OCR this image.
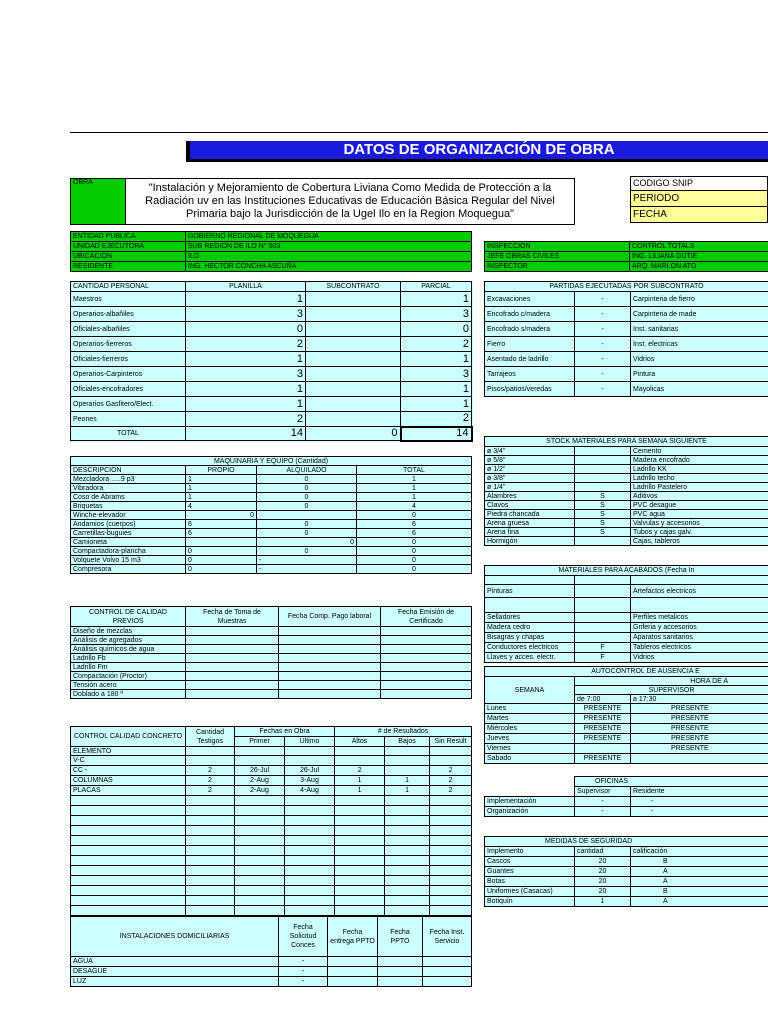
DATOS DE ORGANIZACIÓN DE OBRA
OBRA	"Instalación y Mejoramiento de Cobertura Liviana Como Medida de Protección a la Radiación uv en las Instituciones Educativas de Educación Básica Regular del Nivel Primaria bajo la Jurisdicción de la Ugel Ilo en la Region Moquegua"
CODIGO SNIP
PERIODO
FECHA
ENTIDAD PUBLICA	GOBIERNO REGIONAL DE MOQUEGUA
UNIDAD EJECUTORA	SUB REGION DE ILO N° 003
UBICACIÓN	ILO
RESIDENTE	ING. HECTOR CONCHA ASCUÑA
INSPECCION	CONTROL TOTALS
JEFE OBRAS CIVILES	ING. LILIANA GUTIE
INSPECTOR	ARQ. MARLON ATO
CANTIDAD PERSONAL	PLANILLA	SUBCONTRATO	PARCIAL
Maestros	1		1
Operarios-albañiles	3		3
Oficiales-albañiles	0		0
Operarios-fierreros	2		2
Oficiales-fierreros	1		1
Operarios-Carpinteros	3		3
Oficiales-encofradores	1		1
Operarios Gasfitero/Elect.	1		1
Peones	2		2
TOTAL	14	0	14
PARTIDAS EJECUTADAS POR SUBCONTRATO		
Excavaciones	-	Carpinteria de fierro
Encofrado c/madera	-	Carpinteria de made
Encofrado s/madera	-	Inst. sanitarias
Fierro	-	Inst. electricas
Asentado de ladrillo	-	Vidrios
Tarrajeos	-	Pintura
Pisos/patios/veredas	-	Mayolicas
MAQUINARIA Y EQUIPO (Cantidad)			
DESCRIPCION	PROPIO	ALQUILADO	TOTAL
Mezcladora .....9 p3	1	0	1
Vibradora	1	0	1
Coso de Abrams	1	0	1
Briquetas	4	0	4
Winche-elevador	0		0
Andamios (cuerpos)	6	0	6
Carretillas-buguies	6	0	6
Camioneta		0	0
Compactadora-plancha	0	0	0
Volquete Volvo 15 m3	0	-	0
Compresora	0	-	0
STOCK MATERIALES PARA SEMANA SIGUIENTE		
ø 3/4"		Cemento
ø 5/8"		Madera encofrado
ø 1/2"		Ladrillo KK
ø 3/8"		Ladrillo techo
ø 1/4"		Ladrillo Pastelero
Alambres	S	Aditivos
Clavos	S	PVC desague
Piedra chancada	S	PVC agua
Arena gruesa	S	Valvulas y accesorios
Arena fina	S	Tubos y cajas galv.
Hormigón		Cajas, tableros
MATERIALES PARA ACABADOS (Fecha In		

Pinturas		Artefactos electricos

Selladores		Perfiles metalicos
Madera cedro		Griferia y accesorios
Bisagras y chapas		Aparatos sanitarios
Conductores electricos	F	Tableros electricos
Llaves y acces. electr.	F	Vidrios
CONTROL DE CALIDAD PREVIOS	Fecha de Toma de Muestras	Fecha Comp. Pago laboral	Fecha Emisión de Certificado
Diseño de mezclas			
Análisis de agregados			
Análisis químicos de agua			
Ladrillo Fb			
Ladrillo Fm			
Compactación (Proctor)			
Tensión acero			
Doblado a 180 º			
AUTOCONTROL DE AUSENCIA E		
SEMANA	HORA DE A	
	SUPERVISOR	
	de 7:00	a 17:30
Lunes	PRESENTE	PRESENTE
Martes	PRESENTE	PRESENTE
Miércoles	PRESENTE	PRESENTE
Jueves	PRESENTE	PRESENTE
Viernes		PRESENTE
Sabado	PRESENTE	
CONTROL CALIDAD CONCRETO	Cantidad Testigos	Fechas en Obra		# de Resultados		
		Primer	Ultimo	Altos	Bajos	Sin Result
ELEMENTO						
V-C						
CC -	2	26-Jul	26-Jul	2		2
COLUMNAS	2	2-Aug	3-Aug	1	1	2
PLACAS	2	2-Aug	4-Aug	1	1	2

OFICINAS
Supervisor	Residente
Implementación	-	-
Organización	-	-
MEDIDAS DE SEGURIDAD		
Implemento	cantidad	calificación
Cascos	20	B
Guantes	20	A
Botas	20	A
Uniformes (Casacas)	20	B
Botiquín	1	A
INSTALACIONES DOMICILIARIAS	Fecha Solicitud Conces	Fecha entrega PPTO	Fecha PPTO	Fecha Inst. Servicio
AGUA	-			
DESAGUE	-			
LUZ	-			
